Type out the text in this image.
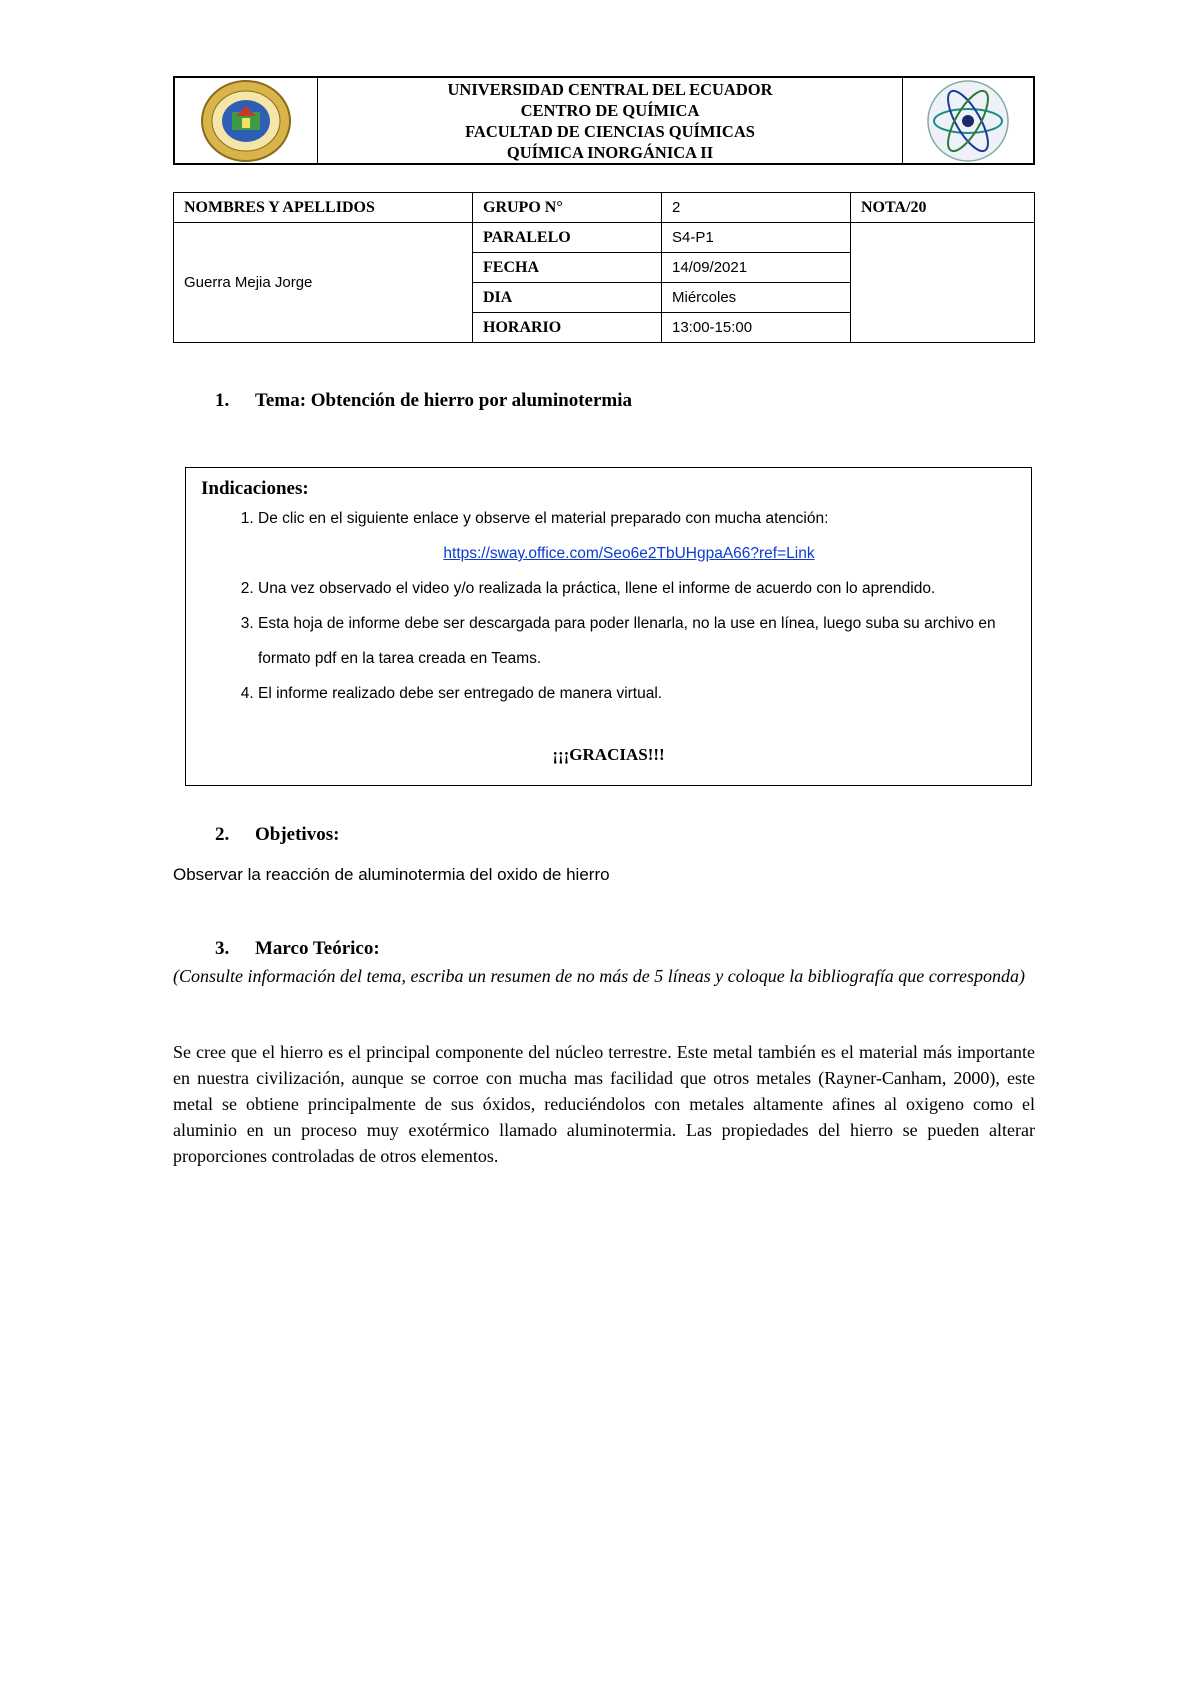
UNIVERSIDAD CENTRAL DEL ECUADOR
CENTRO DE QUÍMICA
FACULTAD DE CIENCIAS QUÍMICAS
QUÍMICA INORGÁNICA II
NOMBRES Y APELLIDOS	GRUPO N°	2	NOTA/20
Guerra Mejia Jorge	PARALELO	S4-P1	
	FECHA	14/09/2021	
	DIA	Miércoles	
	HORARIO	13:00-15:00	
1. Tema: Obtención de hierro por aluminotermia
Indicaciones:
1. De clic en el siguiente enlace y observe el material preparado con mucha atención:
https://sway.office.com/Seo6e2TbUHgpaA66?ref=Link
2. Una vez observado el video y/o realizada la práctica, llene el informe de acuerdo con lo aprendido.
3. Esta hoja de informe debe ser descargada para poder llenarla, no la use en línea, luego suba su archivo en formato pdf en la tarea creada en Teams.
4. El informe realizado debe ser entregado de manera virtual.
¡¡¡GRACIAS!!!
2. Objetivos:
Observar la reacción de aluminotermia del oxido de hierro
3. Marco Teórico:
(Consulte información del tema, escriba un resumen de no más de 5 líneas y coloque la bibliografía que corresponda)
Se cree que el hierro es el principal componente del núcleo terrestre. Este metal también es el material más importante en nuestra civilización, aunque se corroe con mucha mas facilidad que otros metales (Rayner-Canham, 2000), este metal se obtiene principalmente de sus óxidos, reduciéndolos con metales altamente afines al oxigeno como el aluminio en un proceso muy exotérmico llamado aluminotermia. Las propiedades del hierro se pueden alterar proporciones controladas de otros elementos.
